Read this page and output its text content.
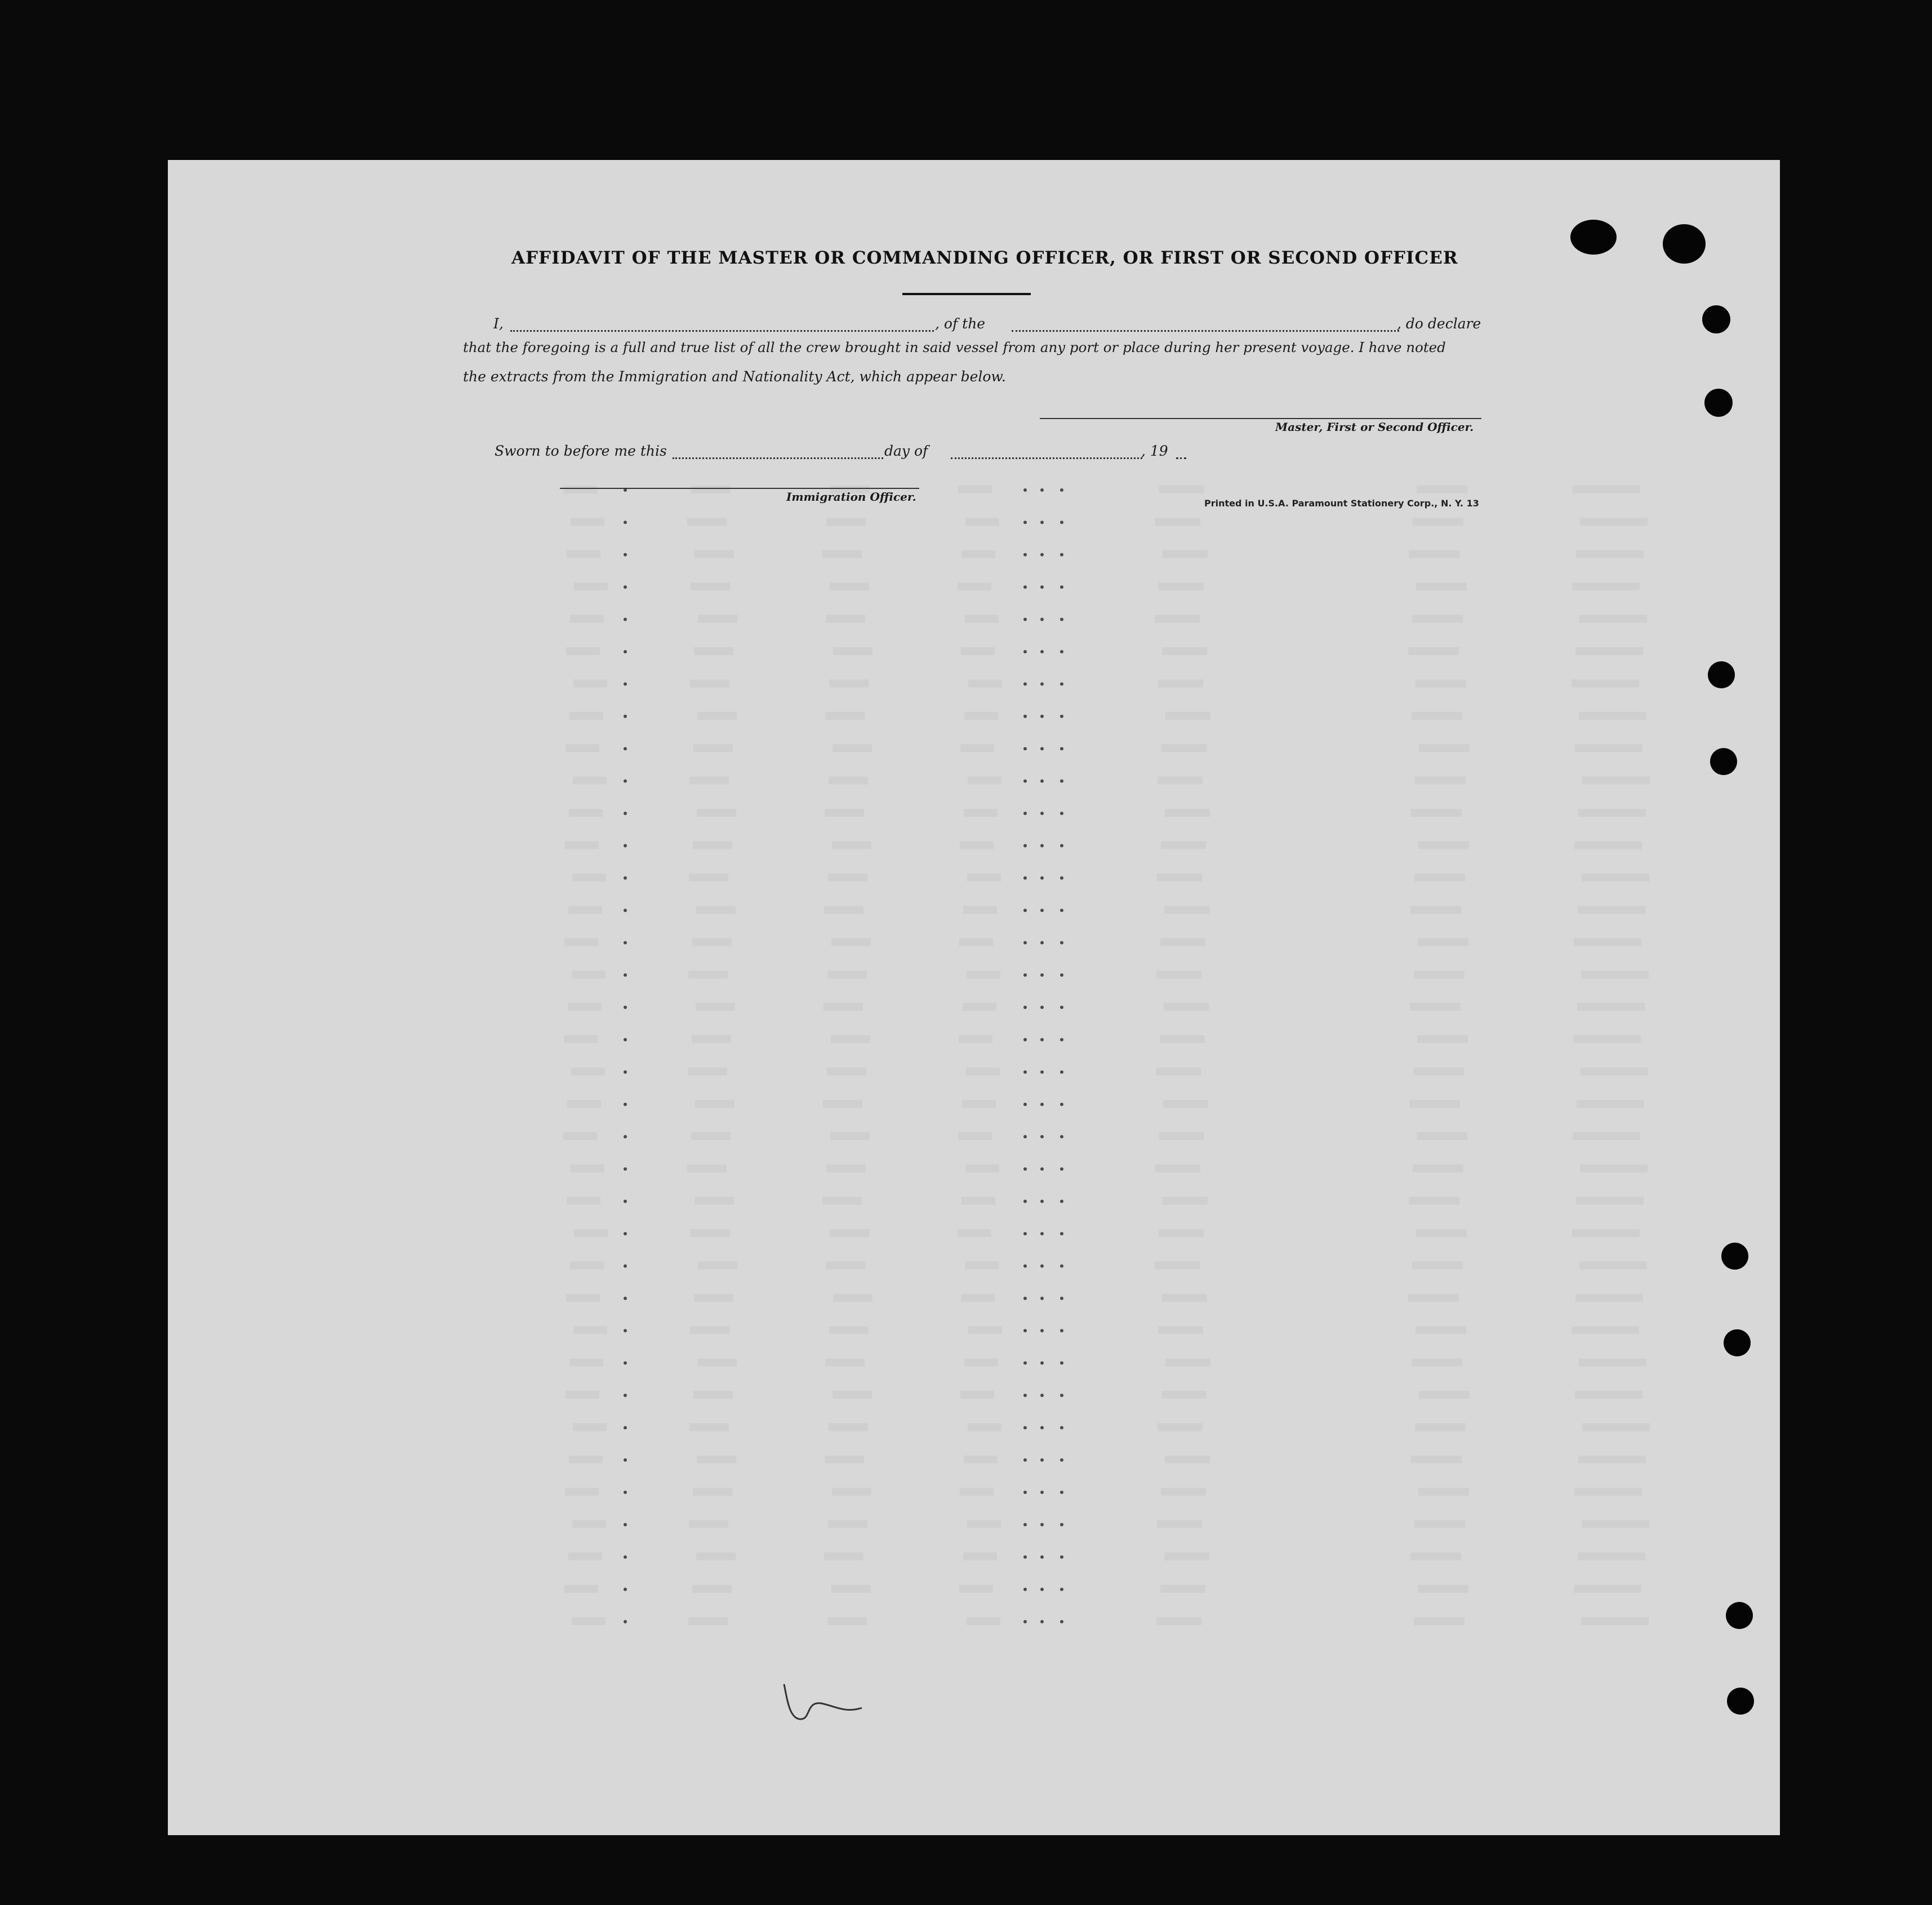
AFFIDAVIT OF THE MASTER OR COMMANDING OFFICER, OR FIRST OR SECOND OFFICER
I,	, of the	, do declare
that the foregoing is a full and true list of all the crew brought in said vessel from any port or place during her present voyage. I have noted
the extracts from the Immigration and Nationality Act, which appear below.
Master, First or Second Officer.
Sworn to before me this	day of	, 19
Immigration Officer.	Printed in U.S.A. Paramount Stationery Corp., N. Y. 13
